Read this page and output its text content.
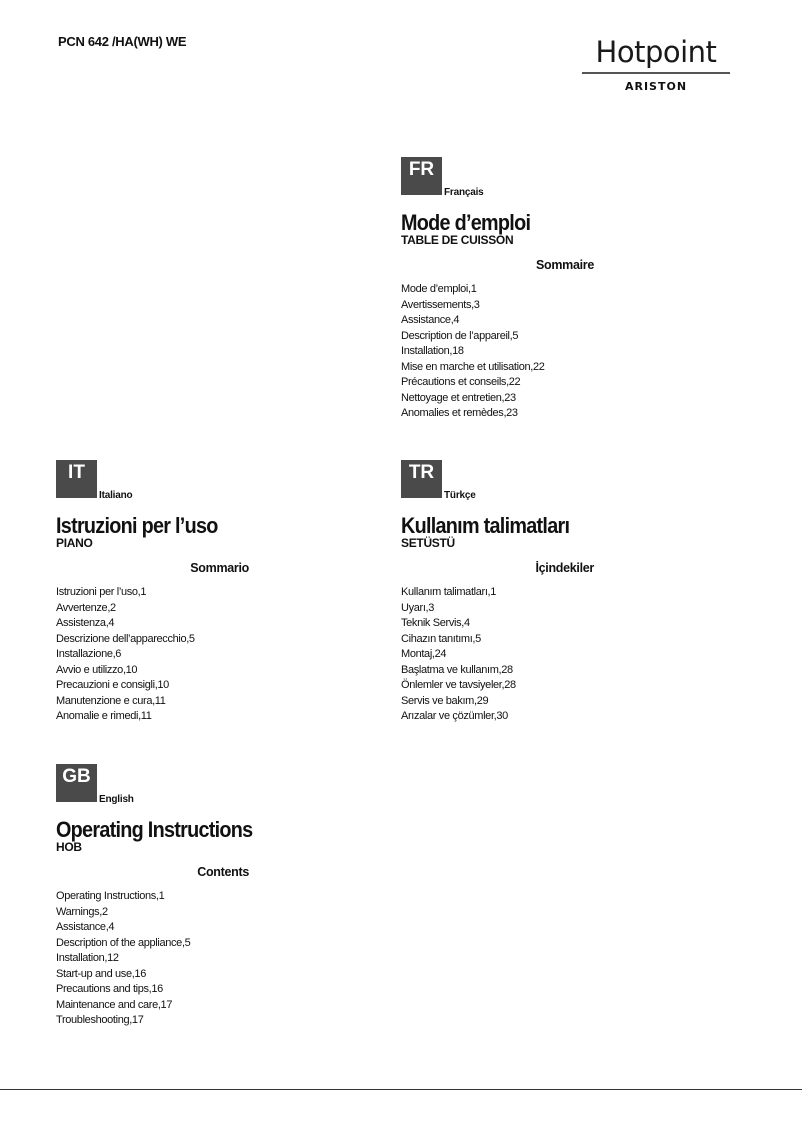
PCN 642 /HA(WH) WE	Hotpoint
ARISTON
FR
Français
Mode d’emploi
TABLE DE CUISSON
Sommaire
Mode d’emploi,1
Avertissements,3
Assistance,4
Description de l’appareil,5
Installation,18
Mise en marche et utilisation,22
Précautions et conseils,22
Nettoyage et entretien,23
Anomalies et remèdes,23
IT
Italiano
Istruzioni per l’uso
PIANO
Sommario
Istruzioni per l’uso,1
Avvertenze,2
Assistenza,4
Descrizione dell’apparecchio,5
Installazione,6
Avvio e utilizzo,10
Precauzioni e consigli,10
Manutenzione e cura,11
Anomalie e rimedi,11
TR
Türkçe
Kullanım talimatları
SETÜSTÜ
İçindekiler
Kullanım talimatları,1
Uyarı,3
Teknik Servis,4
Cihazın tanıtımı,5
Montaj,24
Başlatma ve kullanım,28
Önlemler ve tavsiyeler,28
Servis ve bakım,29
Arızalar ve çözümler,30
GB
English
Operating Instructions
HOB
Contents
Operating Instructions,1
Warnings,2
Assistance,4
Description of the appliance,5
Installation,12
Start-up and use,16
Precautions and tips,16
Maintenance and care,17
Troubleshooting,17
